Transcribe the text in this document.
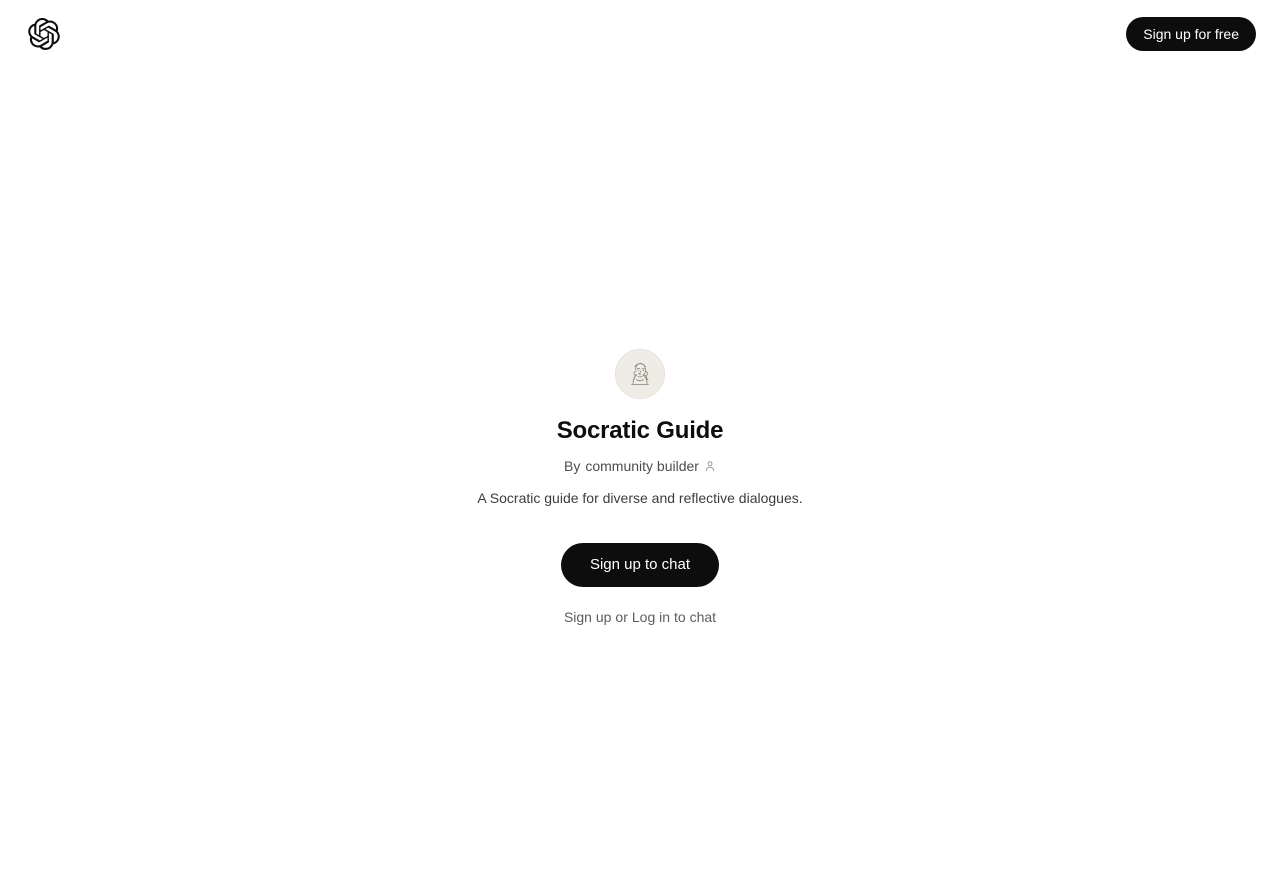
Sign up for free
Socratic Guide
By community builder
A Socratic guide for diverse and reflective dialogues.
Sign up to chat
Sign up or Log in to chat
